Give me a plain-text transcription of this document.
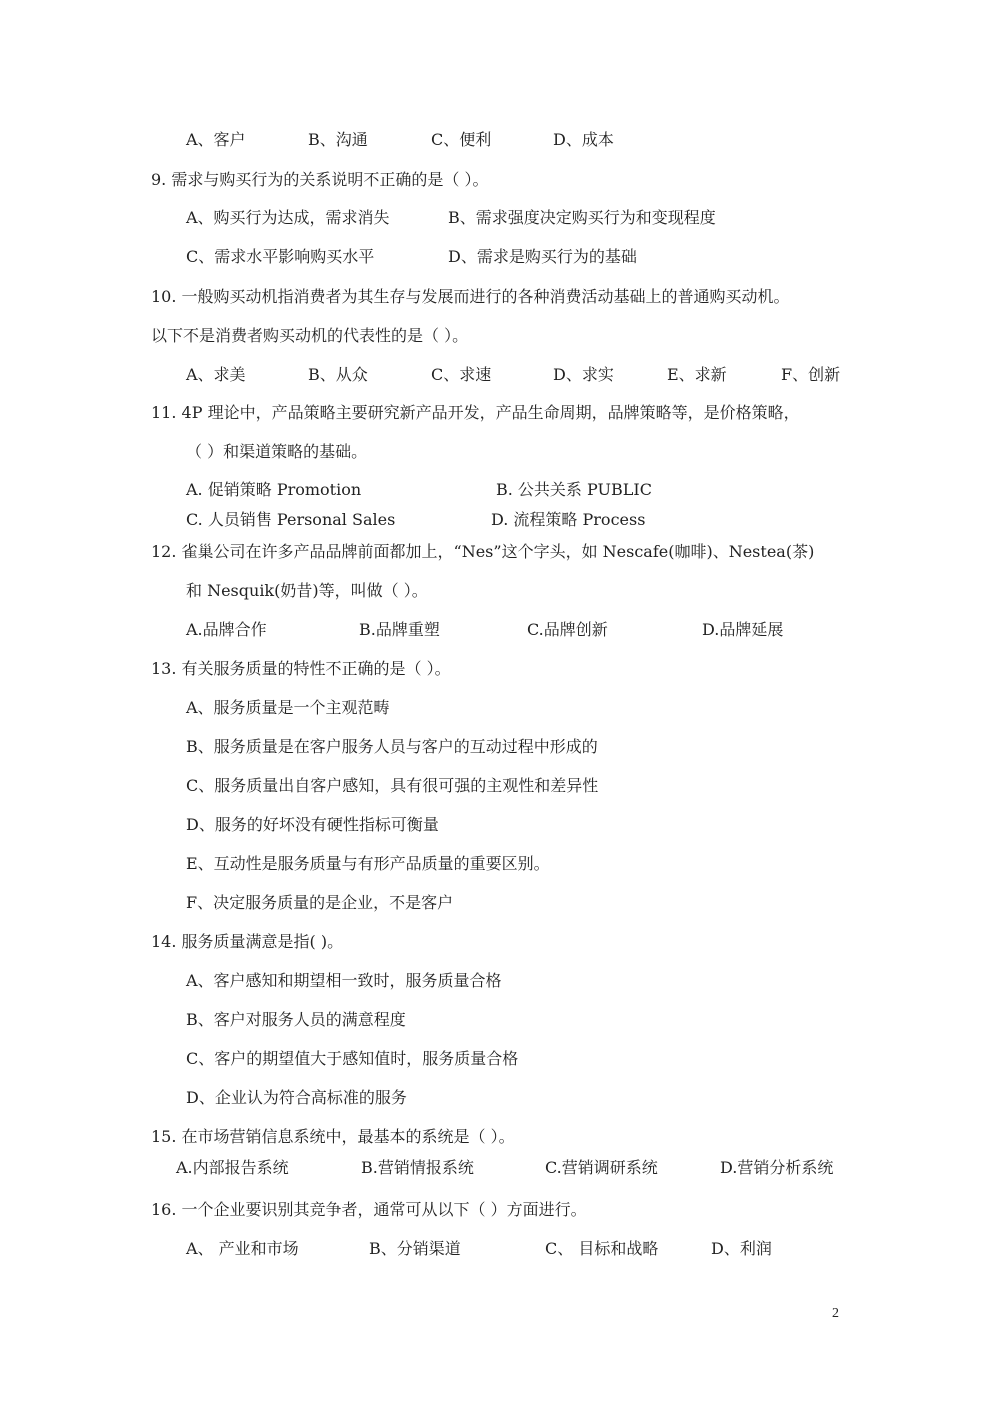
A、客户	B、沟通	C、便利	D、成本
9. 需求与购买行为的关系说明不正确的是（ ）。
A、购买行为达成，需求消失	B、需求强度决定购买行为和变现程度
C、需求水平影响购买水平	D、需求是购买行为的基础
10. 一般购买动机指消费者为其生存与发展而进行的各种消费活动基础上的普通购买动机。
以下不是消费者购买动机的代表性的是（ ）。
A、求美	B、从众	C、求速	D、求实	E、求新	F、创新
11. 4P 理论中，产品策略主要研究新产品开发，产品生命周期，品牌策略等，是价格策略，
（ ）和渠道策略的基础。
A. 促销策略 Promotion	B. 公共关系 PUBLIC
C. 人员销售 Personal Sales	D. 流程策略 Process
12. 雀巢公司在许多产品品牌前面都加上，“Nes”这个字头，如 Nescafe(咖啡)、Nestea(茶)
和 Nesquik(奶昔)等，叫做（ ）。
A.品牌合作	B.品牌重塑	C.品牌创新	D.品牌延展
13. 有关服务质量的特性不正确的是（ ）。
A、服务质量是一个主观范畴
B、服务质量是在客户服务人员与客户的互动过程中形成的
C、服务质量出自客户感知，具有很可强的主观性和差异性
D、服务的好坏没有硬性指标可衡量
E、互动性是服务质量与有形产品质量的重要区别。
F、决定服务质量的是企业，不是客户
14. 服务质量满意是指( )。
A、客户感知和期望相一致时，服务质量合格
B、客户对服务人员的满意程度
C、客户的期望值大于感知值时，服务质量合格
D、企业认为符合高标准的服务
15. 在市场营销信息系统中，最基本的系统是（ ）。
A.内部报告系统	B.营销情报系统	C.营销调研系统	D.营销分析系统
16. 一个企业要识别其竞争者，通常可从以下（ ）方面进行。
A、 产业和市场	B、分销渠道	C、 目标和战略	D、利润
2
